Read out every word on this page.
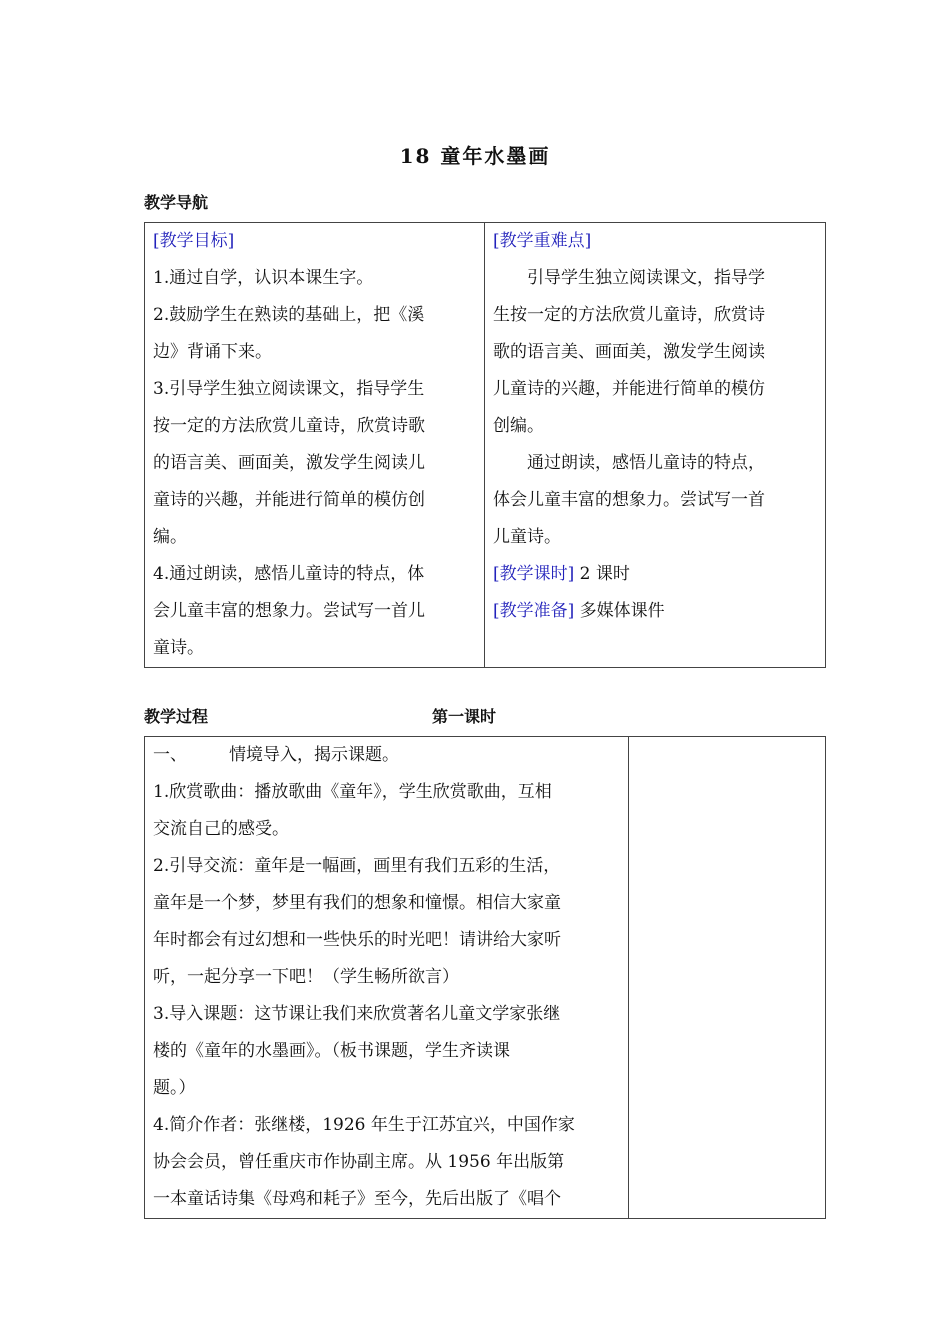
18 童年水墨画
教学导航
[教学目标]
1.通过自学，认识本课生字。
2.鼓励学生在熟读的基础上，把《溪
边》背诵下来。
3.引导学生独立阅读课文，指导学生
按一定的方法欣赏儿童诗，欣赏诗歌
的语言美、画面美，激发学生阅读儿
童诗的兴趣，并能进行简单的模仿创
编。
4.通过朗读，感悟儿童诗的特点，体
会儿童丰富的想象力。尝试写一首儿
童诗。

[教学重难点]
引导学生独立阅读课文，指导学
生按一定的方法欣赏儿童诗，欣赏诗
歌的语言美、画面美，激发学生阅读
儿童诗的兴趣，并能进行简单的模仿
创编。
通过朗读，感悟儿童诗的特点，
体会儿童丰富的想象力。尝试写一首
儿童诗。
[教学课时] 2 课时
[教学准备] 多媒体课件
教学过程	第一课时
一、 情境导入，揭示课题。
1.欣赏歌曲：播放歌曲《童年》，学生欣赏歌曲，互相
交流自己的感受。
2.引导交流：童年是一幅画，画里有我们五彩的生活，
童年是一个梦，梦里有我们的想象和憧憬。相信大家童
年时都会有过幻想和一些快乐的时光吧！请讲给大家听
听，一起分享一下吧！（学生畅所欲言）
3.导入课题：这节课让我们来欣赏著名儿童文学家张继
楼的《童年的水墨画》。（板书课题，学生齐读课
题。）
4.简介作者：张继楼，1926 年生于江苏宜兴，中国作家
协会会员，曾任重庆市作协副主席。从 1956 年出版第
一本童话诗集《母鸡和耗子》至今，先后出版了《唱个
